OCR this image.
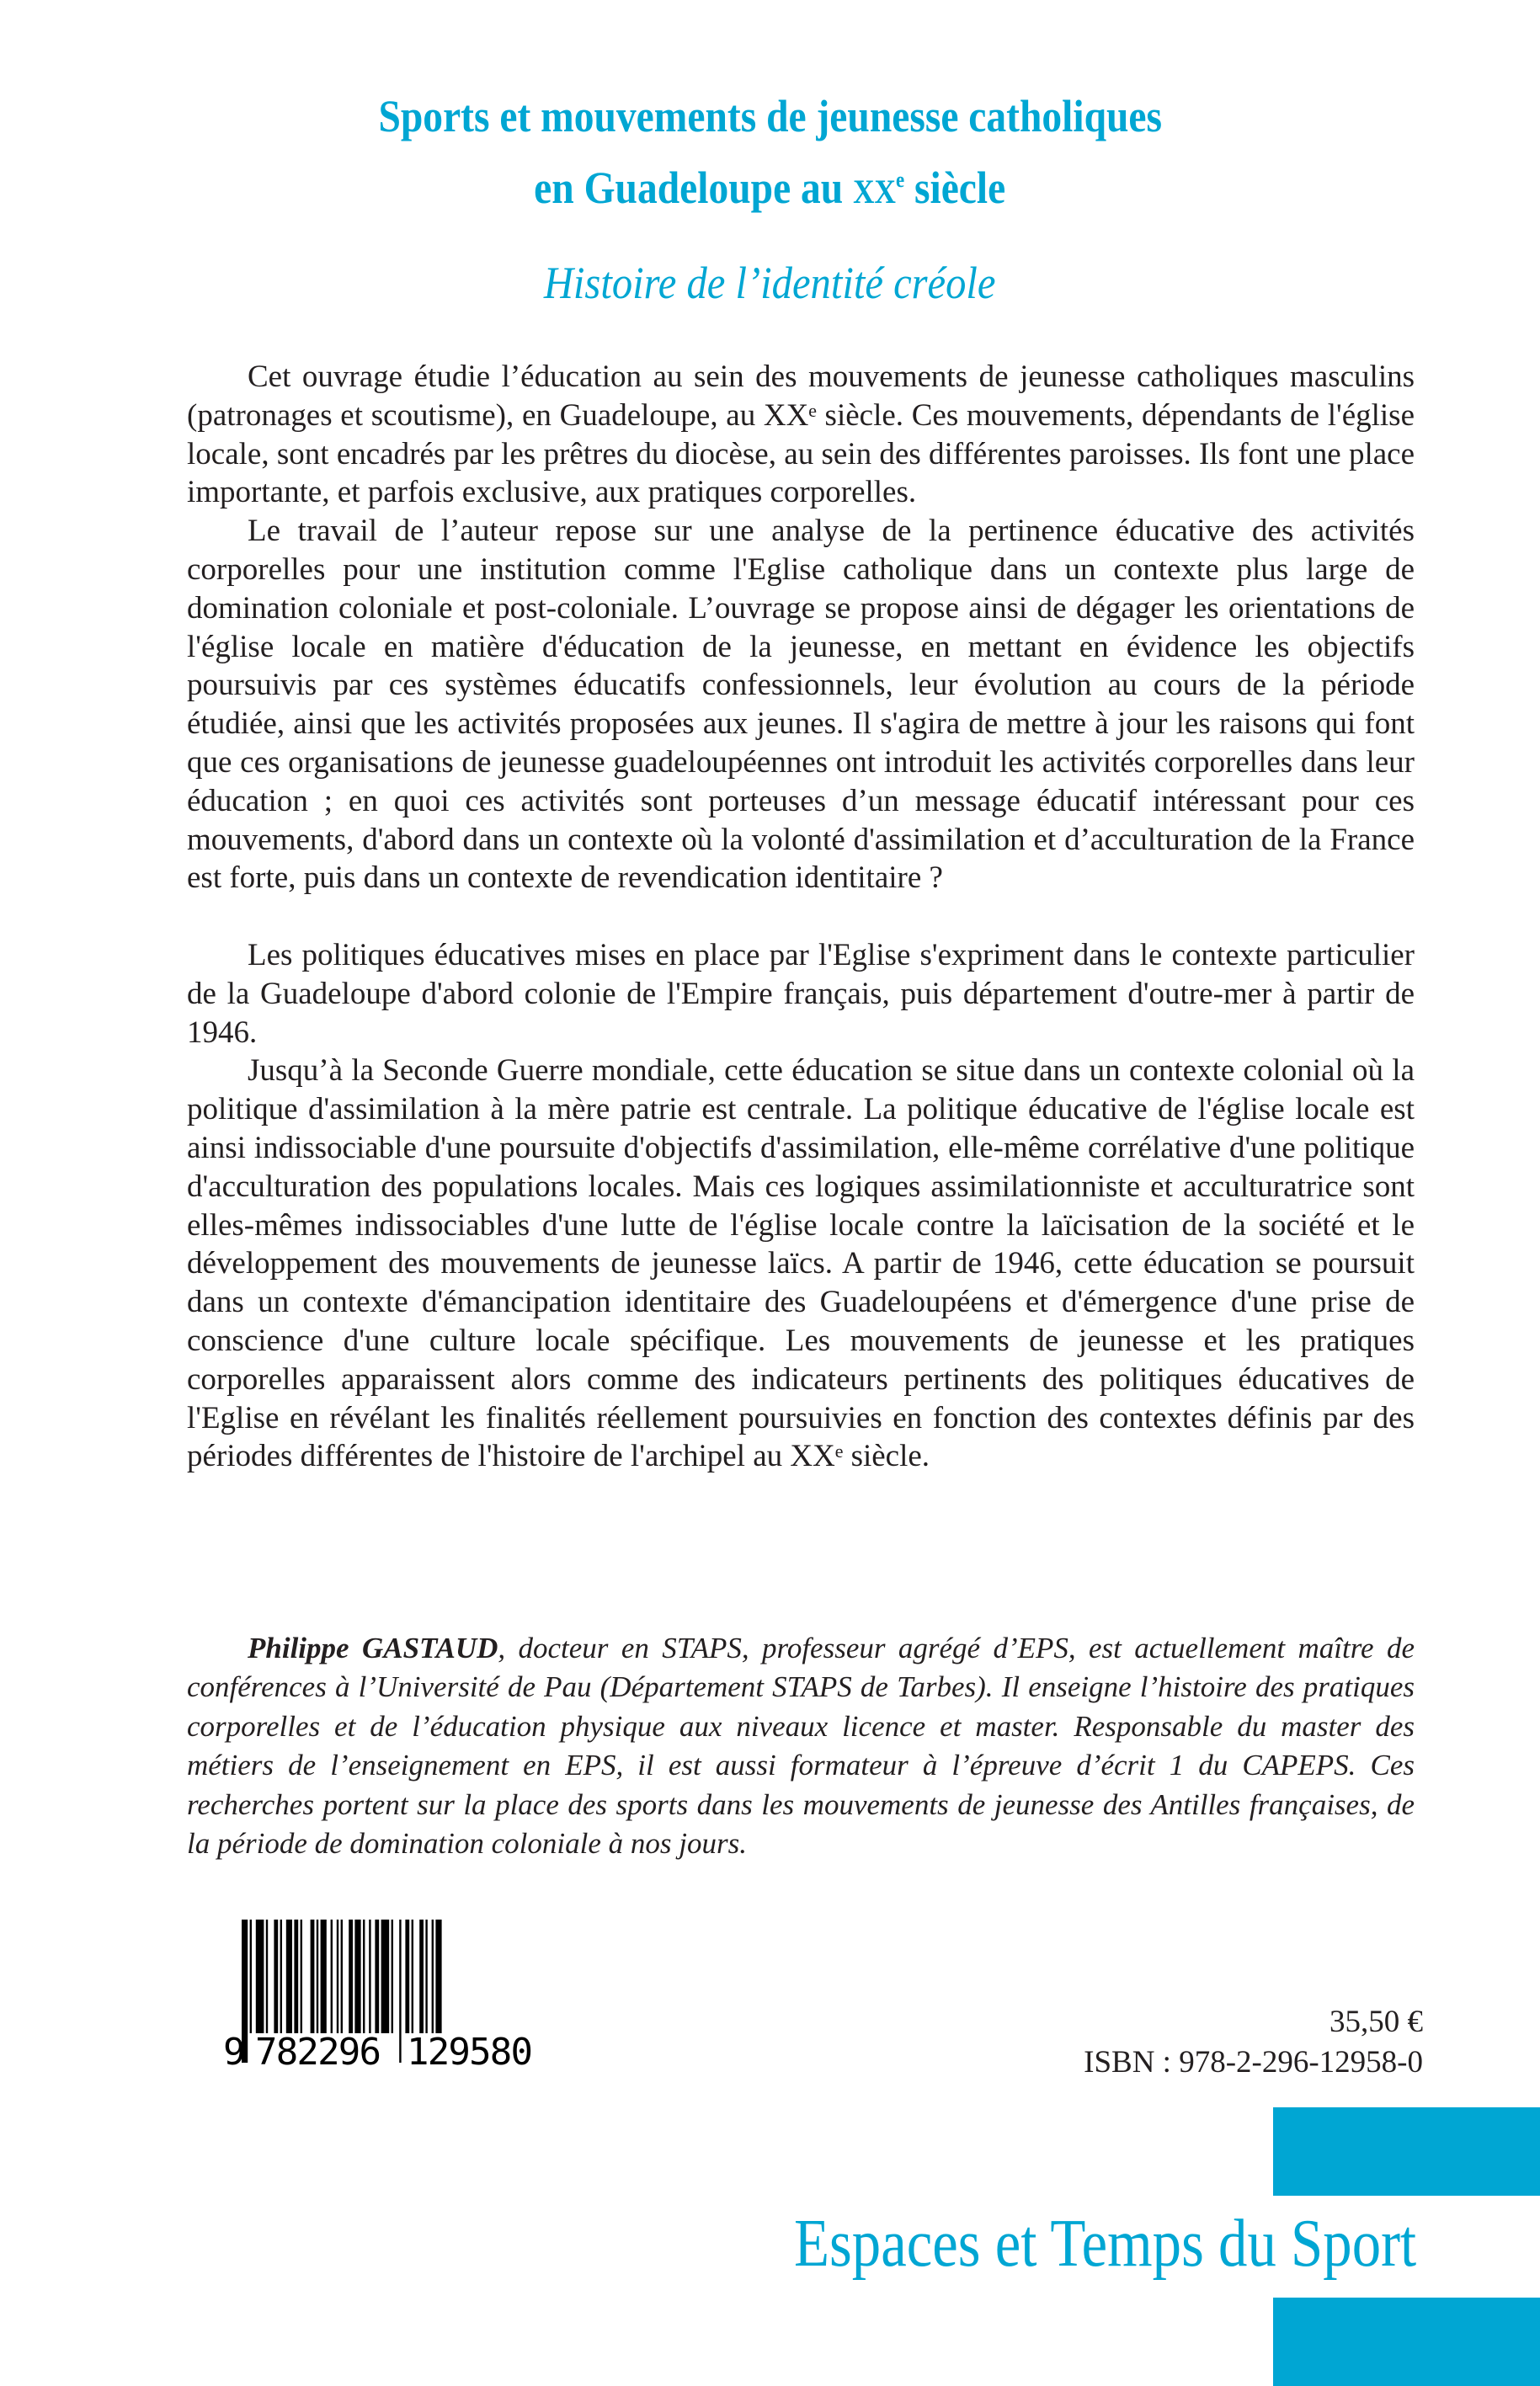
Sports et mouvements de jeunesse catholiques
en Guadeloupe au XXe siècle
Histoire de l’identité créole

Cet ouvrage étudie l’éducation au sein des mouvements de jeunesse catholiques masculins (patronages et scoutisme), en Guadeloupe, au XXᵉ siècle. Ces mouvements, dépendants de l'église locale, sont encadrés par les prêtres du diocèse, au sein des différentes paroisses. Ils font une place importante, et parfois exclusive, aux pratiques corporelles.

Le travail de l’auteur repose sur une analyse de la pertinence éducative des activités corporelles pour une institution comme l'Eglise catholique dans un contexte plus large de domination coloniale et post-coloniale. L’ouvrage se propose ainsi de dégager les orientations de l'église locale en matière d'éducation de la jeunesse, en mettant en évidence les objectifs poursuivis par ces systèmes éducatifs confessionnels, leur évolution au cours de la période étudiée, ainsi que les activités proposées aux jeunes. Il s'agira de mettre à jour les raisons qui font que ces organisations de jeunesse guadeloupéennes ont introduit les activités corporelles dans leur éducation ; en quoi ces activités sont porteuses d’un message éducatif intéressant pour ces mouvements, d'abord dans un contexte où la volonté d'assimilation et d’acculturation de la France est forte, puis dans un contexte de revendication identitaire ?

Les politiques éducatives mises en place par l'Eglise s'expriment dans le contexte particulier de la Guadeloupe d'abord colonie de l'Empire français, puis département d'outre-mer à partir de 1946.

Jusqu’à la Seconde Guerre mondiale, cette éducation se situe dans un contexte colonial où la politique d'assimilation à la mère patrie est centrale. La politique éducative de l'église locale est ainsi indissociable d'une poursuite d'objectifs d'assimilation, elle-même corrélative d'une politique d'acculturation des populations locales. Mais ces logiques assimilationniste et acculturatrice sont elles-mêmes indissociables d'une lutte de l'église locale contre la laïcisation de la société et le développement des mouvements de jeunesse laïcs. A partir de 1946, cette éducation se poursuit dans un contexte d'émancipation identitaire des Guadeloupéens et d'émergence d'une prise de conscience d'une culture locale spécifique. Les mouvements de jeunesse et les pratiques corporelles apparaissent alors comme des indicateurs pertinents des politiques éducatives de l'Eglise en révélant les finalités réellement poursuivies en fonction des contextes définis par des périodes différentes de l'histoire de l'archipel au XXᵉ siècle.

Philippe GASTAUD, docteur en STAPS, professeur agrégé d’EPS, est actuellement maître de conférences à l’Université de Pau (Département STAPS de Tarbes). Il enseigne l’histoire des pratiques corporelles et de l’éducation physique aux niveaux licence et master. Responsable du master des métiers de l’enseignement en EPS, il est aussi formateur à l’épreuve d’écrit 1 du CAPEPS. Ces recherches portent sur la place des sports dans les mouvements de jeunesse des Antilles françaises, de la période de domination coloniale à nos jours.
9 782296 129580
35,50 €
ISBN : 978-2-296-12958-0
Espaces et Temps du Sport
